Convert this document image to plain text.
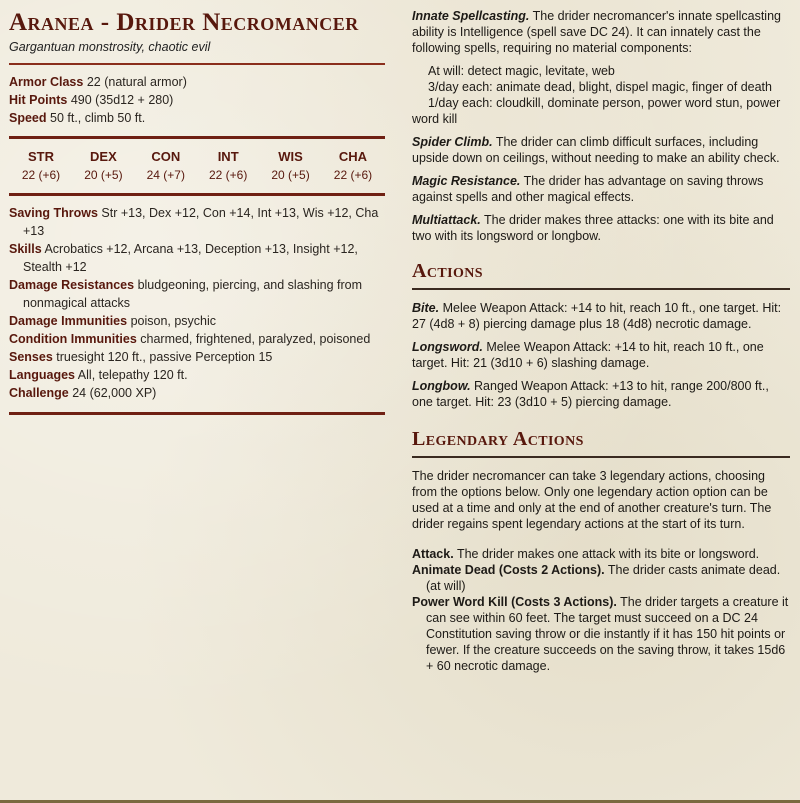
Aranea - Drider Necromancer
Gargantuan monstrosity, chaotic evil
Armor Class 22 (natural armor)
Hit Points 490 (35d12 + 280)
Speed 50 ft., climb 50 ft.
STR
22 (+6)
DEX
20 (+5)
CON
24 (+7)
INT
22 (+6)
WIS
20 (+5)
CHA
22 (+6)
Saving Throws Str +13, Dex +12, Con +14, Int +13, Wis +12, Cha +13
Skills Acrobatics +12, Arcana +13, Deception +13, Insight +12, Stealth +12
Damage Resistances bludgeoning, piercing, and slashing from nonmagical attacks
Damage Immunities poison, psychic
Condition Immunities charmed, frightened, paralyzed, poisoned
Senses truesight 120 ft., passive Perception 15
Languages All, telepathy 120 ft.
Challenge 24 (62,000 XP)

Innate Spellcasting. The drider necromancer's innate spellcasting ability is Intelligence (spell save DC 24). It can innately cast the following spells, requiring no material components:

At will: detect magic, levitate, web
3/day each: animate dead, blight, dispel magic, finger of death
1/day each: cloudkill, dominate person, power word stun, power word kill

Spider Climb. The drider can climb difficult surfaces, including upside down on ceilings, without needing to make an ability check.

Magic Resistance. The drider has advantage on saving throws against spells and other magical effects.

Multiattack. The drider makes three attacks: one with its bite and two with its longsword or longbow.

Actions

Bite. Melee Weapon Attack: +14 to hit, reach 10 ft., one target. Hit: 27 (4d8 + 8) piercing damage plus 18 (4d8) necrotic damage.

Longsword. Melee Weapon Attack: +14 to hit, reach 10 ft., one target. Hit: 21 (3d10 + 6) slashing damage.

Longbow. Ranged Weapon Attack: +13 to hit, range 200/800 ft., one target. Hit: 23 (3d10 + 5) piercing damage.

Legendary Actions

The drider necromancer can take 3 legendary actions, choosing from the options below. Only one legendary action option can be used at a time and only at the end of another creature's turn. The drider regains spent legendary actions at the start of its turn.

Attack. The drider makes one attack with its bite or longsword.
Animate Dead (Costs 2 Actions). The drider casts animate dead.(at will)
Power Word Kill (Costs 3 Actions). The drider targets a creature it can see within 60 feet. The target must succeed on a DC 24 Constitution saving throw or die instantly if it has 150 hit points or fewer. If the creature succeeds on the saving throw, it takes 15d6 + 60 necrotic damage.
